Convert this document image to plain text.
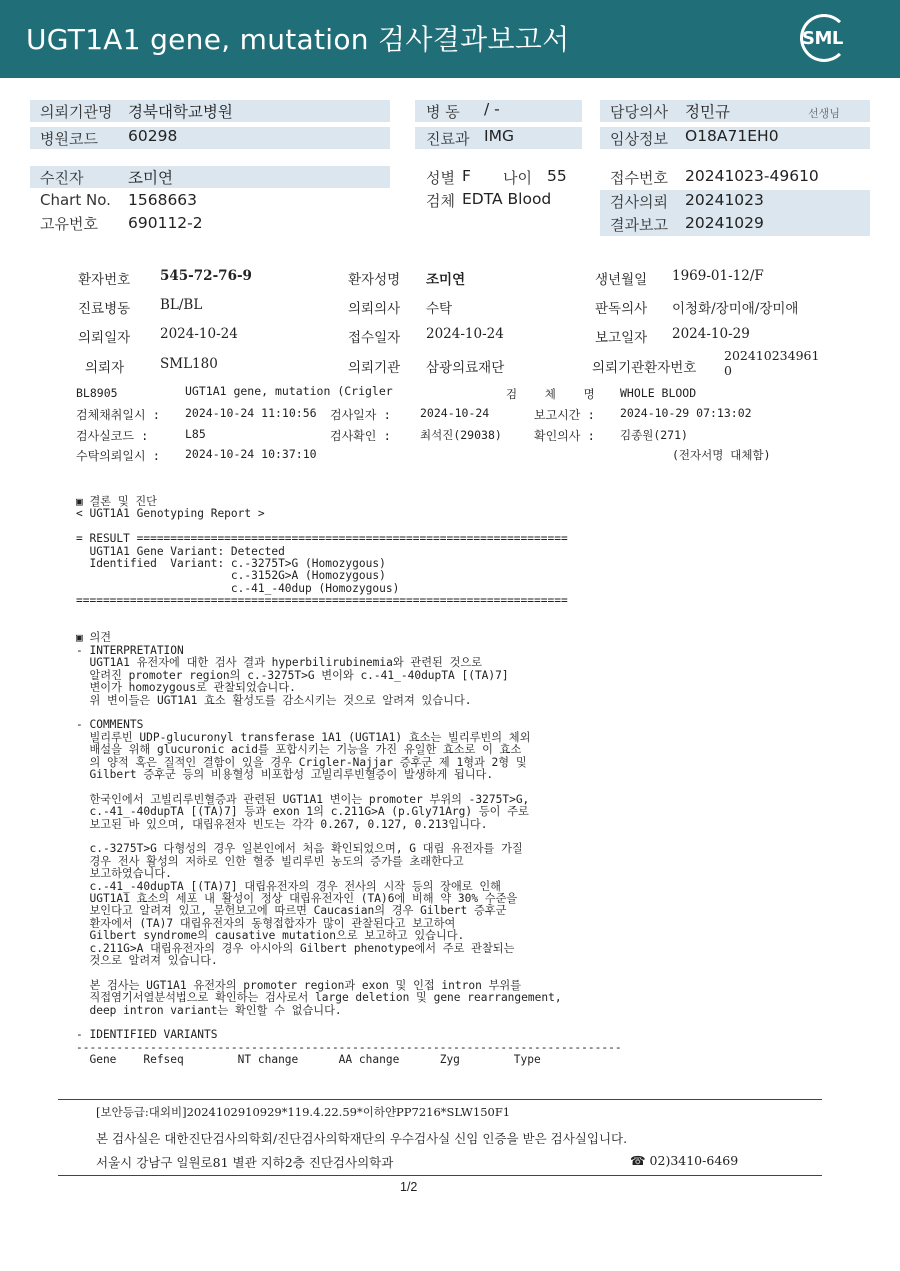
UGT1A1 gene, mutation 검사결과보고서	SML
의뢰기관명 경북대학교병원
병원코드 60298
병 동 / -
진료과 IMG
담당의사 정민규	선생님
임상정보 O18A71EH0
수진자	조미연
Chart No. 1568663
고유번호 690112-2
성별 F 나이 55
검체 EDTA Blood
접수번호 20241023-49610
검사의뢰 20241023
결과보고 20241029
환자번호 545-72-76-9	환자성명 조미연	생년월일 1969-01-12/F
진료병동 BL/BL	의뢰의사 수탁	판독의사 이청화/장미애/장미애
의뢰일자 2024-10-24	접수일자 2024-10-24	보고일자 2024-10-29
의뢰자	SML180	의뢰기관 삼광의료재단	의뢰기관환자번호
202410234961
0
BL8905	UGT1A1 gene, mutation (Crigler	검    체    명 WHOLE BLOOD
검체채취일시 : 2024-10-24 11:10:56 검사일자 :	2024-10-24	보고시간 : 2024-10-29 07:13:02
검사실코드 :	L85	검사확인 :	최석진(29038)	확인의사 : 김종원(271)
수탁의뢰일시 : 2024-10-24 10:37:10	(전자서명 대체함)
▣ 결론 및 진단
< UGT1A1 Genotyping Report >

= RESULT ================================================================
UGT1A1 Gene Variant: Detected
Identified  Variant: c.-3275T>G (Homozygous)
c.-3152G>A (Homozygous)
c.-41_-40dup (Homozygous)
=========================================================================

▣ 의견
- INTERPRETATION
UGT1A1 유전자에 대한 검사 결과 hyperbilirubinemia와 관련된 것으로
알려진 promoter region의 c.-3275T>G 변이와 c.-41_-40dupTA [(TA)7]
변이가 homozygous로 관찰되었습니다.
위 변이들은 UGT1A1 효소 활성도를 감소시키는 것으로 알려져 있습니다.

- COMMENTS
빌리루빈 UDP-glucuronyl transferase 1A1 (UGT1A1) 효소는 빌리루빈의 체외
배설을 위해 glucuronic acid를 포합시키는 기능을 가진 유일한 효소로 이 효소
의 양적 혹은 질적인 결함이 있을 경우 Crigler-Najjar 증후군 제 1형과 2형 및
Gilbert 증후군 등의 비용혈성 비포합성 고빌리루빈혈증이 발생하게 됩니다.

한국인에서 고빌리루빈혈증과 관련된 UGT1A1 변이는 promoter 부위의 -3275T>G,
c.-41_-40dupTA [(TA)7] 등과 exon 1의 c.211G>A (p.Gly71Arg) 등이 주로
보고된 바 있으며, 대립유전자 빈도는 각각 0.267, 0.127, 0.213입니다.

c.-3275T>G 다형성의 경우 일본인에서 처음 확인되었으며, G 대립 유전자를 가질
경우 전사 활성의 저하로 인한 혈중 빌리루빈 농도의 증가를 초래한다고
보고하였습니다.
c.-41_-40dupTA [(TA)7] 대립유전자의 경우 전사의 시작 등의 장애로 인해
UGT1A1 효소의 세포 내 활성이 정상 대립유전자인 (TA)6에 비해 약 30% 수준을
보인다고 알려져 있고, 문헌보고에 따르면 Caucasian의 경우 Gilbert 증후군
환자에서 (TA)7 대립유전자의 동형접합자가 많이 관찰된다고 보고하여
Gilbert syndrome의 causative mutation으로 보고하고 있습니다.
c.211G>A 대립유전자의 경우 아시아의 Gilbert phenotype에서 주로 관찰되는
것으로 알려져 있습니다.

본 검사는 UGT1A1 유전자의 promoter region과 exon 및 인접 intron 부위를
직접염기서열분석법으로 확인하는 검사로서 large deletion 및 gene rearrangement,
deep intron variant는 확인할 수 없습니다.

- IDENTIFIED VARIANTS
---------------------------------------------------------------------------------
Gene    Refseq        NT change      AA change      Zyg        Type
[보안등급:대외비]2024102910929*119.4.22.59*이하얀PP7216*SLW150F1
본 검사실은 대한진단검사의학회/진단검사의학재단의 우수검사실 신임 인증을 받은 검사실입니다.
서울시 강남구 일원로81 별관 지하2층 진단검사의학과	☎ 02)3410-6469
1/2
